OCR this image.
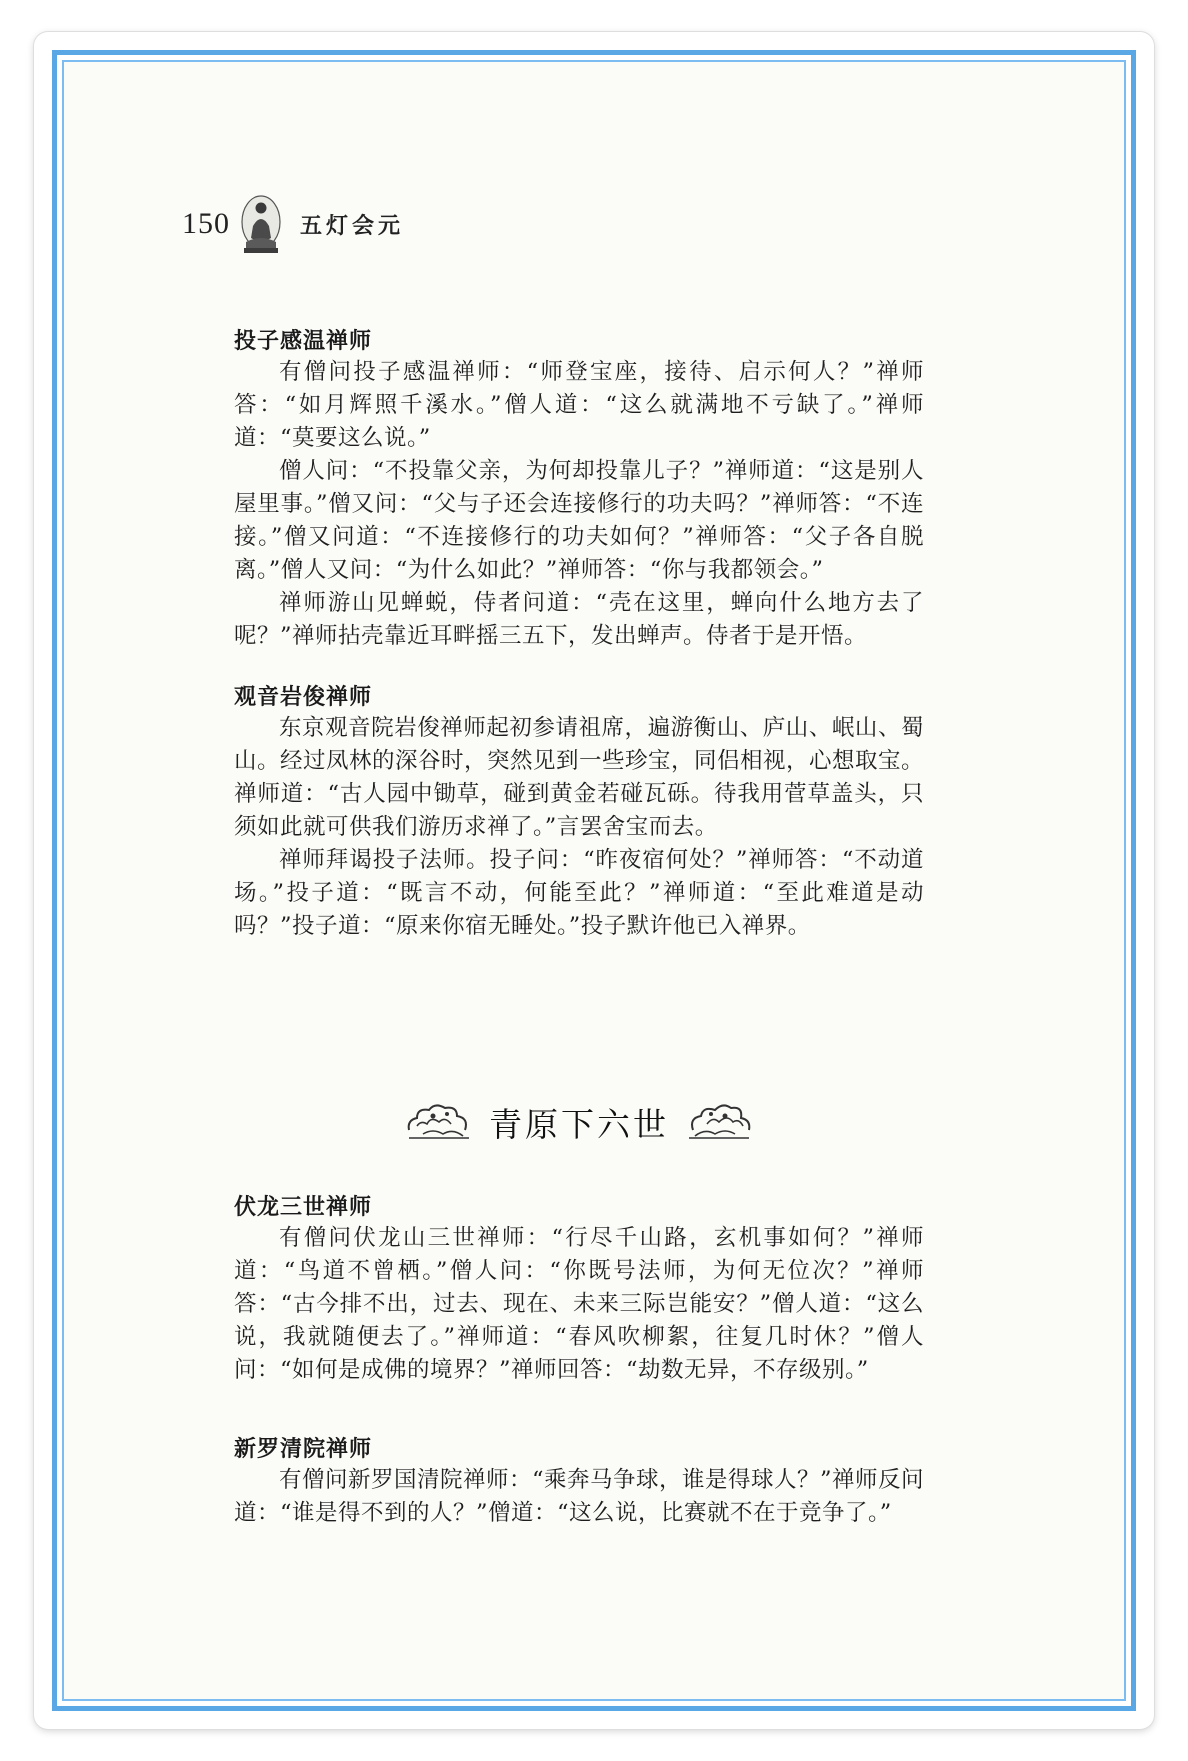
150	五灯会元
投子感温禅师
有僧问投子感温禅师：“师登宝座，接待、启示何人？”禅师答：“如月辉照千溪水。”僧人道：“这么就满地不亏缺了。”禅师道：“莫要这么说。”
僧人问：“不投靠父亲，为何却投靠儿子？”禅师道：“这是别人屋里事。”僧又问：“父与子还会连接修行的功夫吗？”禅师答：“不连接。”僧又问道：“不连接修行的功夫如何？”禅师答：“父子各自脱离。”僧人又问：“为什么如此？”禅师答：“你与我都领会。”
禅师游山见蝉蜕，侍者问道：“壳在这里，蝉向什么地方去了呢？”禅师拈壳靠近耳畔摇三五下，发出蝉声。侍者于是开悟。
观音岩俊禅师
东京观音院岩俊禅师起初参请祖席，遍游衡山、庐山、岷山、蜀山。经过凤林的深谷时，突然见到一些珍宝，同侣相视，心想取宝。禅师道：“古人园中锄草，碰到黄金若碰瓦砾。待我用菅草盖头，只须如此就可供我们游历求禅了。”言罢舍宝而去。
禅师拜谒投子法师。投子问：“昨夜宿何处？”禅师答：“不动道场。”投子道：“既言不动，何能至此？”禅师道：“至此难道是动吗？”投子道：“原来你宿无睡处。”投子默许他已入禅界。
青原下六世
伏龙三世禅师
有僧问伏龙山三世禅师：“行尽千山路，玄机事如何？”禅师道：“鸟道不曾栖。”僧人问：“你既号法师，为何无位次？”禅师答：“古今排不出，过去、现在、未来三际岂能安？”僧人道：“这么说，我就随便去了。”禅师道：“春风吹柳絮，往复几时休？”僧人问：“如何是成佛的境界？”禅师回答：“劫数无异，不存级别。”
新罗清院禅师
有僧问新罗国清院禅师：“乘奔马争球，谁是得球人？”禅师反问道：“谁是得不到的人？”僧道：“这么说，比赛就不在于竞争了。”
